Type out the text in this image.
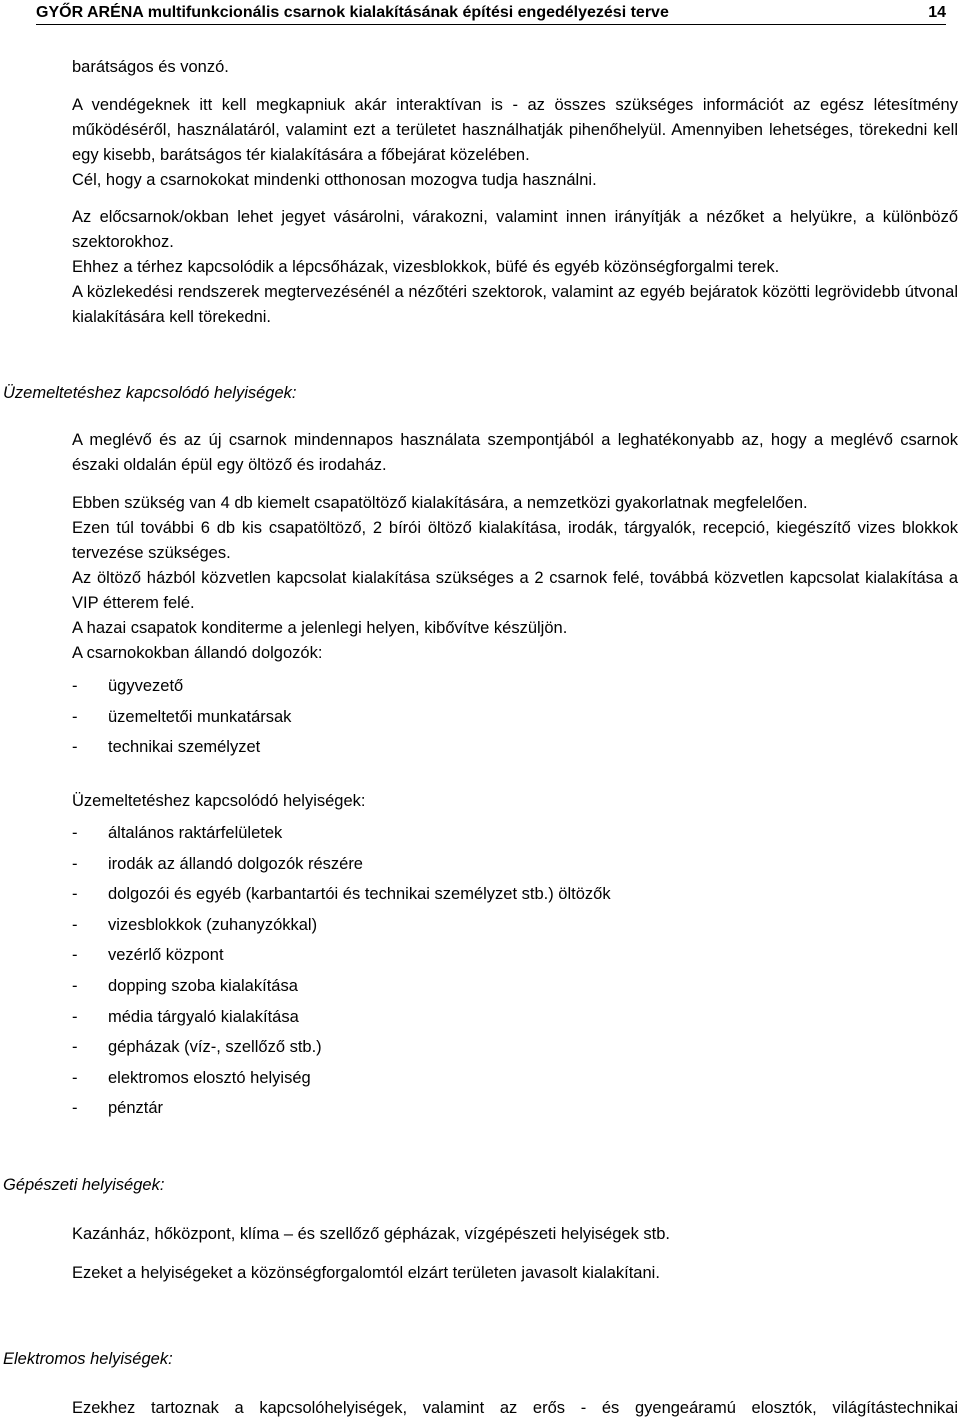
GYŐR ARÉNA multifunkcionális csarnok kialakításának építési engedélyezési terve	14

barátságos és vonzó.

A vendégeknek itt kell megkapniuk akár interaktívan is - az összes szükséges információt az egész létesítmény működéséről, használatáról, valamint ezt a területet használhatják pihenőhelyül. Amennyiben lehetséges, törekedni kell egy kisebb, barátságos tér kialakítására a főbejárat közelében.

Cél, hogy a csarnokokat mindenki otthonosan mozogva tudja használni.

Az előcsarnok/okban lehet jegyet vásárolni, várakozni, valamint innen irányítják a nézőket a helyükre, a különböző szektorokhoz.

Ehhez a térhez kapcsolódik a lépcsőházak, vizesblokkok, büfé és egyéb közönségforgalmi terek.

A közlekedési rendszerek megtervezésénél a nézőtéri szektorok, valamint az egyéb bejáratok közötti legrövidebb útvonal kialakítására kell törekedni.

Üzemeltetéshez kapcsolódó helyiségek:

A meglévő és az új csarnok mindennapos használata szempontjából a leghatékonyabb az, hogy a meglévő csarnok északi oldalán épül egy öltöző és irodaház.

Ebben szükség van 4 db kiemelt csapatöltöző kialakítására, a nemzetközi gyakorlatnak megfelelően.

Ezen túl további 6 db kis csapatöltöző, 2 bírói öltöző kialakítása, irodák, tárgyalók, recepció, kiegészítő vizes blokkok tervezése szükséges.

Az öltöző házból közvetlen kapcsolat kialakítása szükséges a 2 csarnok felé, továbbá közvetlen kapcsolat kialakítása a VIP étterem felé.

A hazai csapatok konditerme a jelenlegi helyen, kibővítve készüljön.

A csarnokokban állandó dolgozók:

- ügyvezető
- üzemeltetői munkatársak
- technikai személyzet

Üzemeltetéshez kapcsolódó helyiségek:

- általános raktárfelületek
- irodák az állandó dolgozók részére
- dolgozói és egyéb (karbantartói és technikai személyzet stb.) öltözők
- vizesblokkok (zuhanyzókkal)
- vezérlő központ
- dopping szoba kialakítása
- média tárgyaló kialakítása
- gépházak (víz-, szellőző stb.)
- elektromos elosztó helyiség
- pénztár
Gépészeti helyiségek:

Kazánház, hőközpont, klíma – és szellőző gépházak, vízgépészeti helyiségek stb.

Ezeket a helyiségeket a közönségforgalomtól elzárt területen javasolt kialakítani.

Elektromos helyiségek:

Ezekhez tartoznak a kapcsolóhelyiségek, valamint az erős - és gyengeáramú elosztók, világítástechnikai
